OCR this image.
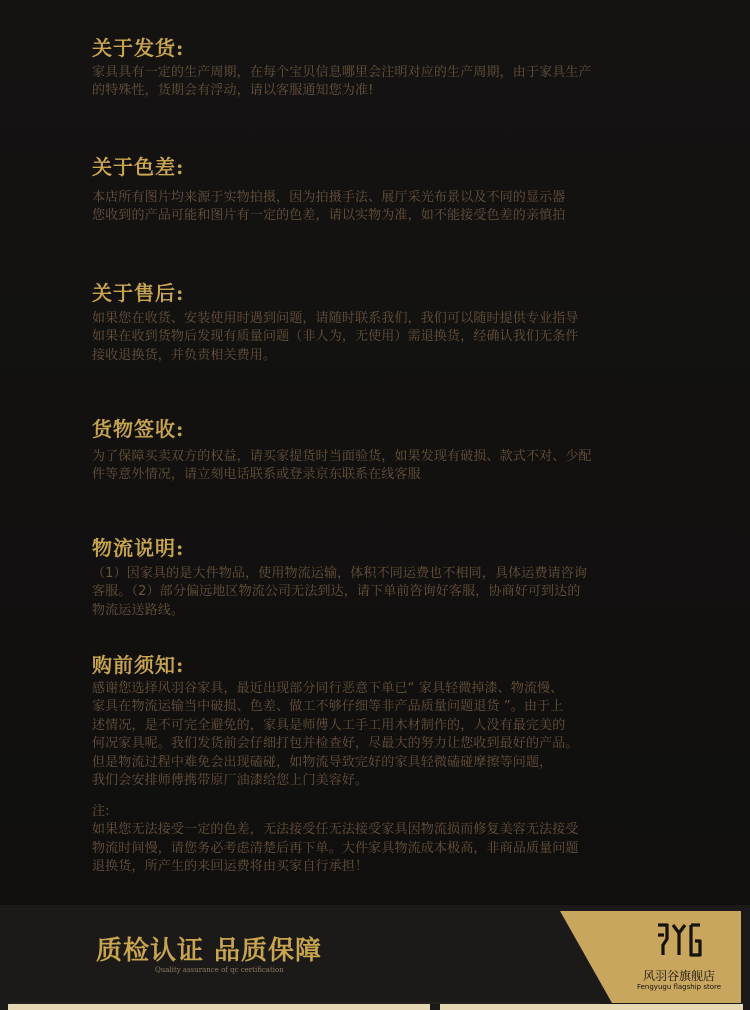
关于发货:

家具具有一定的生产周期，在每个宝贝信息哪里会注明对应的生产周期，由于家具生产
的特殊性，货期会有浮动，请以客服通知您为准!

关于色差:

本店所有图片均来源于实物拍摄，因为拍摄手法、展厅采光布景以及不同的显示器
您收到的产品可能和图片有一定的色差，请以实物为准，如不能接受色差的亲慎拍

关于售后:

如果您在收货、安装使用时遇到问题，请随时联系我们，我们可以随时提供专业指导
如果在收到货物后发现有质量问题（非人为，无使用）需退换货，经确认我们无条件
接收退换货，并负责相关费用。

货物签收:

为了保障买卖双方的权益，请买家提货时当面验货，如果发现有破损、款式不对、少配
件等意外情况，请立刻电话联系或登录京东联系在线客服

物流说明:

（1）因家具的是大件物品，使用物流运输，体积不同运费也不相同，具体运费请咨询
客服。（2）部分偏远地区物流公司无法到达，请下单前咨询好客服，协商好可到达的
物流运送路线。

购前须知:

感谢您选择风羽谷家具，最近出现部分同行恶意下单已“ 家具轻微掉漆、物流慢、
家具在物流运输当中破损、色差、做工不够仔细等非产品质量问题退货 ”。由于上
述情况，是不可完全避免的，家具是师傅人工手工用木材制作的，人没有最完美的
何况家具呢。我们发货前会仔细打包并检查好，尽最大的努力让您收到最好的产品。
但是物流过程中难免会出现磕碰，如物流导致完好的家具轻微磕碰摩擦等问题，
我们会安排师傅携带原厂油漆给您上门美容好。

注:
如果您无法接受一定的色差，无法接受任无法接受家具因物流损而修复美容无法接受
物流时间慢，请您务必考虑清楚后再下单。大件家具物流成本极高，非商品质量问题
退换货，所产生的来回运费将由买家自行承担！

质检认证 品质保障
Quality assurance of qc certification	风羽谷旗舰店
Fengyugu flagship store
